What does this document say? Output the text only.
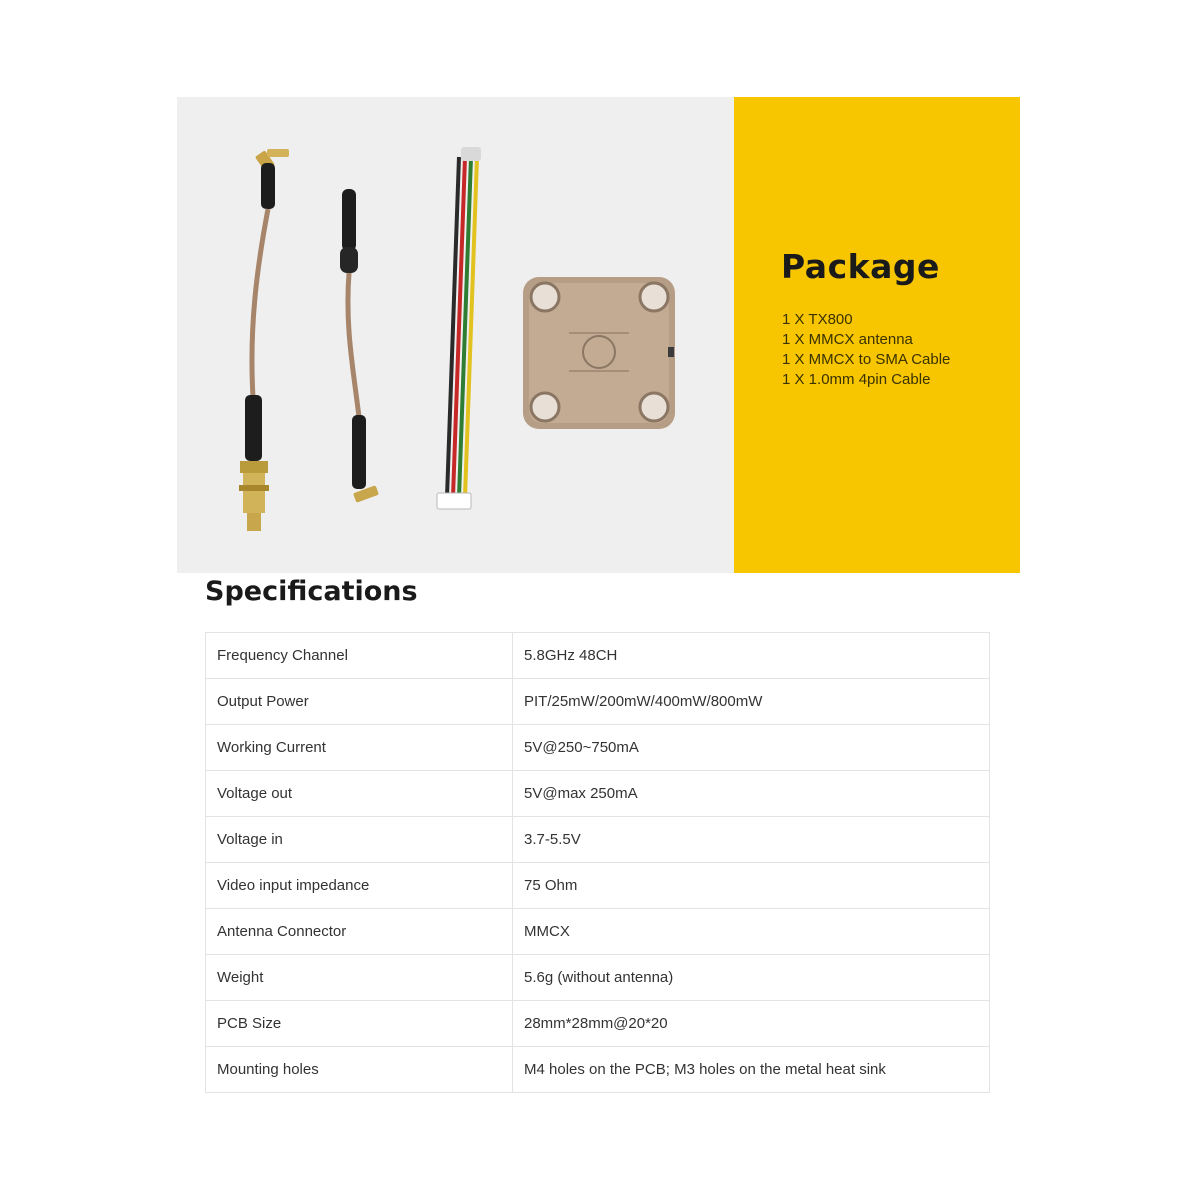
Package
1 X TX800
1 X MMCX antenna
1 X MMCX to SMA Cable
1 X 1.0mm 4pin Cable
Specifications
Frequency Channel	5.8GHz 48CH
Output Power	PIT/25mW/200mW/400mW/800mW
Working Current	5V@250~750mA
Voltage out	5V@max 250mA
Voltage in	3.7-5.5V
Video input impedance	75 Ohm
Antenna Connector	MMCX
Weight	5.6g (without antenna)
PCB Size	28mm*28mm@20*20
Mounting holes	M4 holes on the PCB; M3 holes on the metal heat sink
